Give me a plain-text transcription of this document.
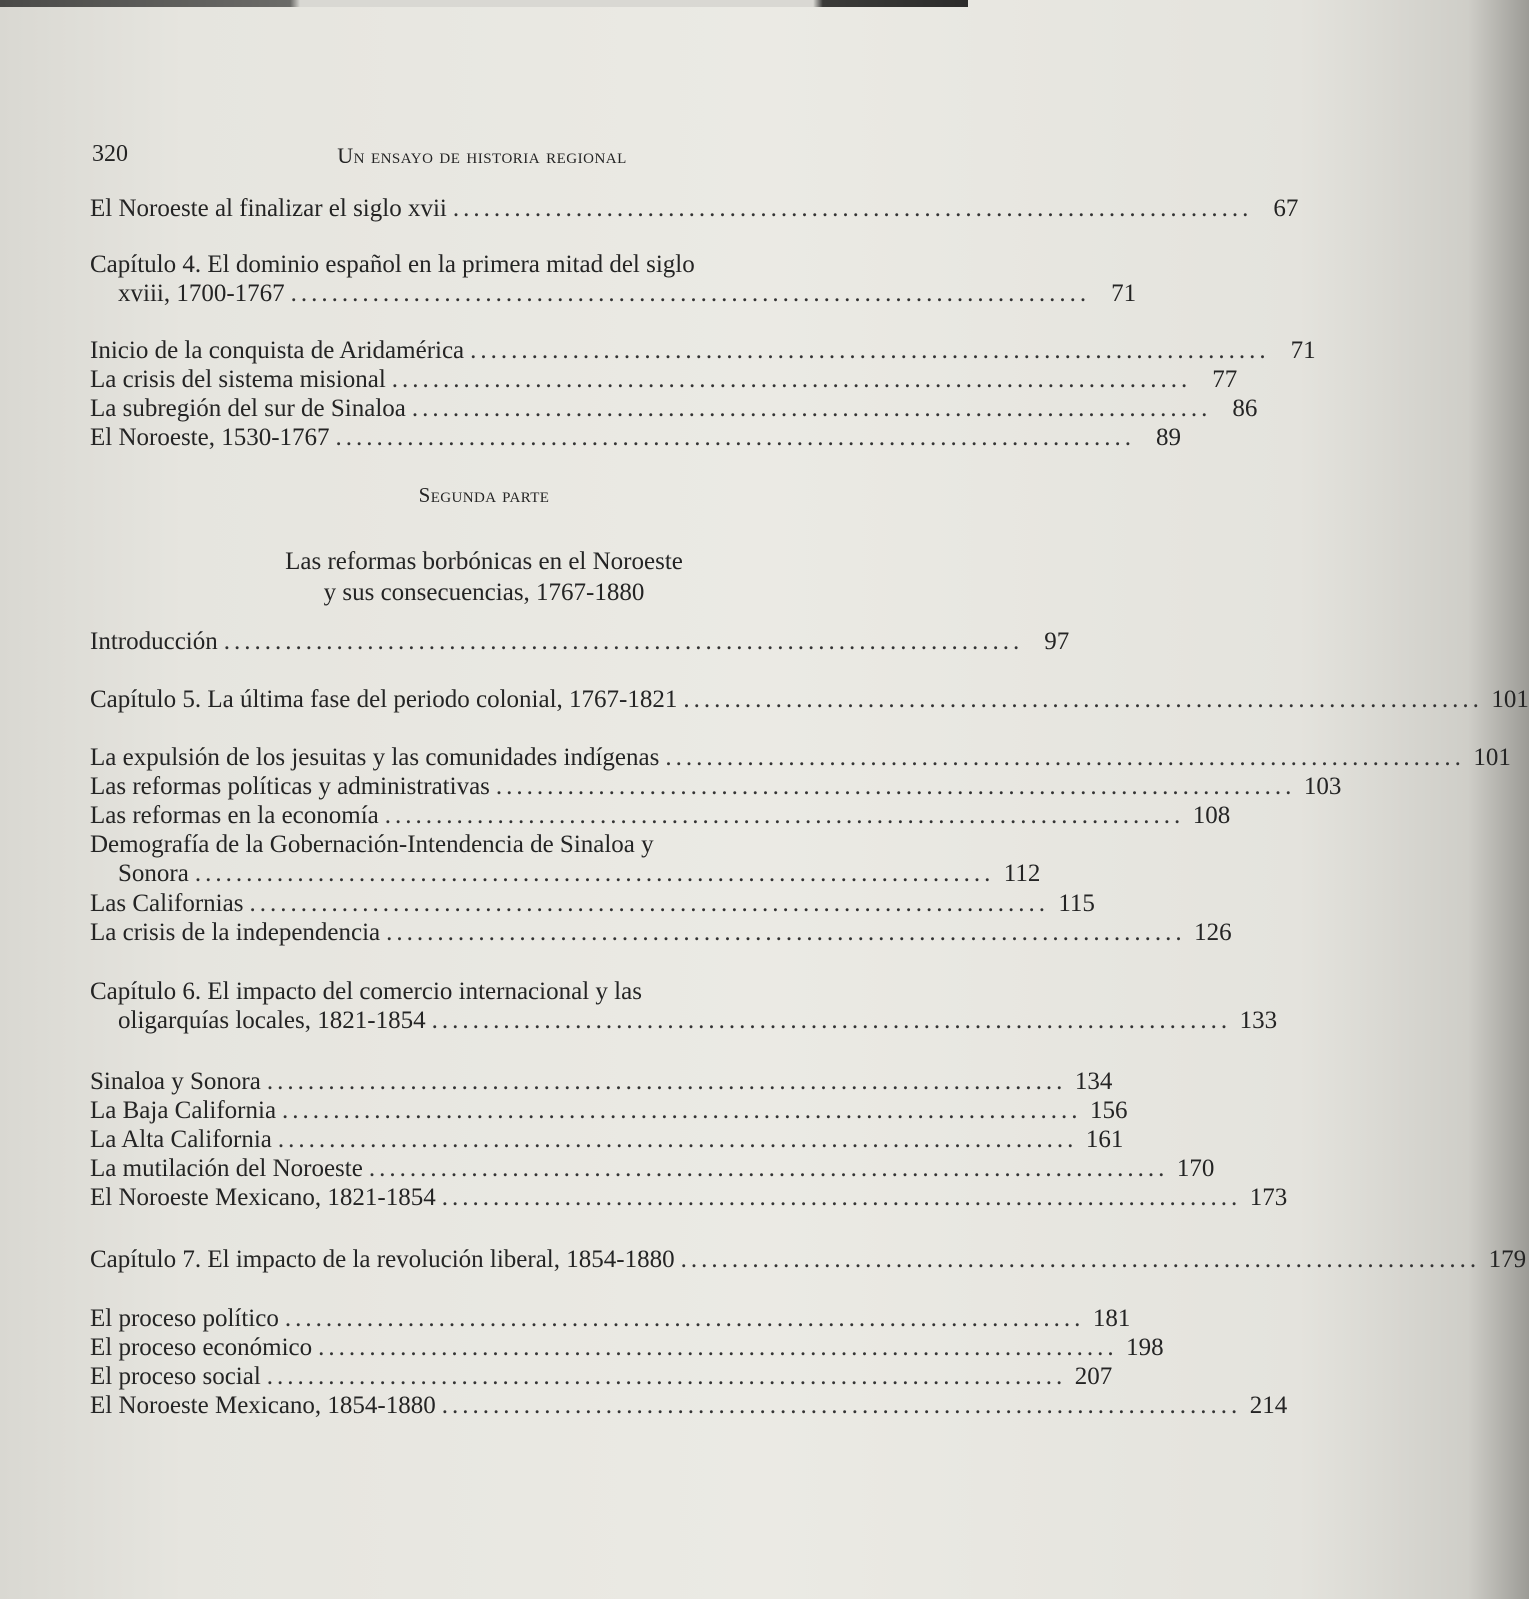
320	Un ensayo de historia regional
El Noroeste al finalizar el siglo xvii .............................................................................. 67
Capítulo 4. El dominio español en la primera mitad del siglo
xviii, 1700-1767 .............................................................................. 71
Inicio de la conquista de Aridamérica .............................................................................. 71
La crisis del sistema misional .............................................................................. 77
La subregión del sur de Sinaloa .............................................................................. 86
El Noroeste, 1530-1767 .............................................................................. 89
Segunda parte
Las reformas borbónicas en el Noroeste
y sus consecuencias, 1767-1880
Introducción .............................................................................. 97
Capítulo 5. La última fase del periodo colonial, 1767-1821 .............................................................................. 101
La expulsión de los jesuitas y las comunidades indígenas .............................................................................. 101
Las reformas políticas y administrativas .............................................................................. 103
Las reformas en la economía .............................................................................. 108
Demografía de la Gobernación-Intendencia de Sinaloa y
Sonora .............................................................................. 112
Las Californias .............................................................................. 115
La crisis de la independencia .............................................................................. 126
Capítulo 6. El impacto del comercio internacional y las
oligarquías locales, 1821-1854 .............................................................................. 133
Sinaloa y Sonora .............................................................................. 134
La Baja California .............................................................................. 156
La Alta California .............................................................................. 161
La mutilación del Noroeste .............................................................................. 170
El Noroeste Mexicano, 1821-1854 .............................................................................. 173
Capítulo 7. El impacto de la revolución liberal, 1854-1880 .............................................................................. 179
El proceso político .............................................................................. 181
El proceso económico .............................................................................. 198
El proceso social .............................................................................. 207
El Noroeste Mexicano, 1854-1880 .............................................................................. 214
